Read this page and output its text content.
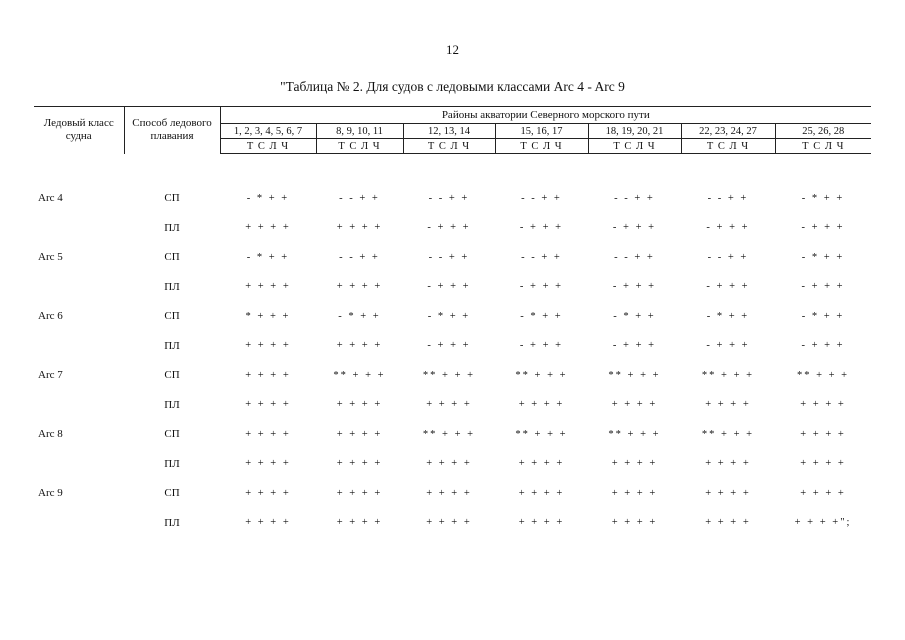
12
"Таблица № 2. Для судов с ледовыми классами Arc 4 - Arc 9
Ледовый класс судна	Способ ледового плавания	Районы акватории Северного морского пути						
		1, 2, 3, 4, 5, 6, 7	8, 9, 10, 11	12, 13, 14	15, 16, 17	18, 19, 20, 21	22, 23, 24, 27	25, 26, 28
		Т С Л Ч	Т С Л Ч	Т С Л Ч	Т С Л Ч	Т С Л Ч	Т С Л Ч	Т С Л Ч

Arc 4	СП	- * + +	- - + +	- - + +	- - + +	- - + +	- - + +	- * + +
	ПЛ	+ + + +	+ + + +	- + + +	- + + +	- + + +	- + + +	- + + +
Arc 5	СП	- * + +	- - + +	- - + +	- - + +	- - + +	- - + +	- * + +
	ПЛ	+ + + +	+ + + +	- + + +	- + + +	- + + +	- + + +	- + + +
Arc 6	СП	* + + +	- * + +	- * + +	- * + +	- * + +	- * + +	- * + +
	ПЛ	+ + + +	+ + + +	- + + +	- + + +	- + + +	- + + +	- + + +
Arc 7	СП	+ + + +	** + + +	** + + +	** + + +	** + + +	** + + +	** + + +
	ПЛ	+ + + +	+ + + +	+ + + +	+ + + +	+ + + +	+ + + +	+ + + +
Arc 8	СП	+ + + +	+ + + +	** + + +	** + + +	** + + +	** + + +	+ + + +
	ПЛ	+ + + +	+ + + +	+ + + +	+ + + +	+ + + +	+ + + +	+ + + +
Arc 9	СП	+ + + +	+ + + +	+ + + +	+ + + +	+ + + +	+ + + +	+ + + +
	ПЛ	+ + + +	+ + + +	+ + + +	+ + + +	+ + + +	+ + + +	+ + + +";
